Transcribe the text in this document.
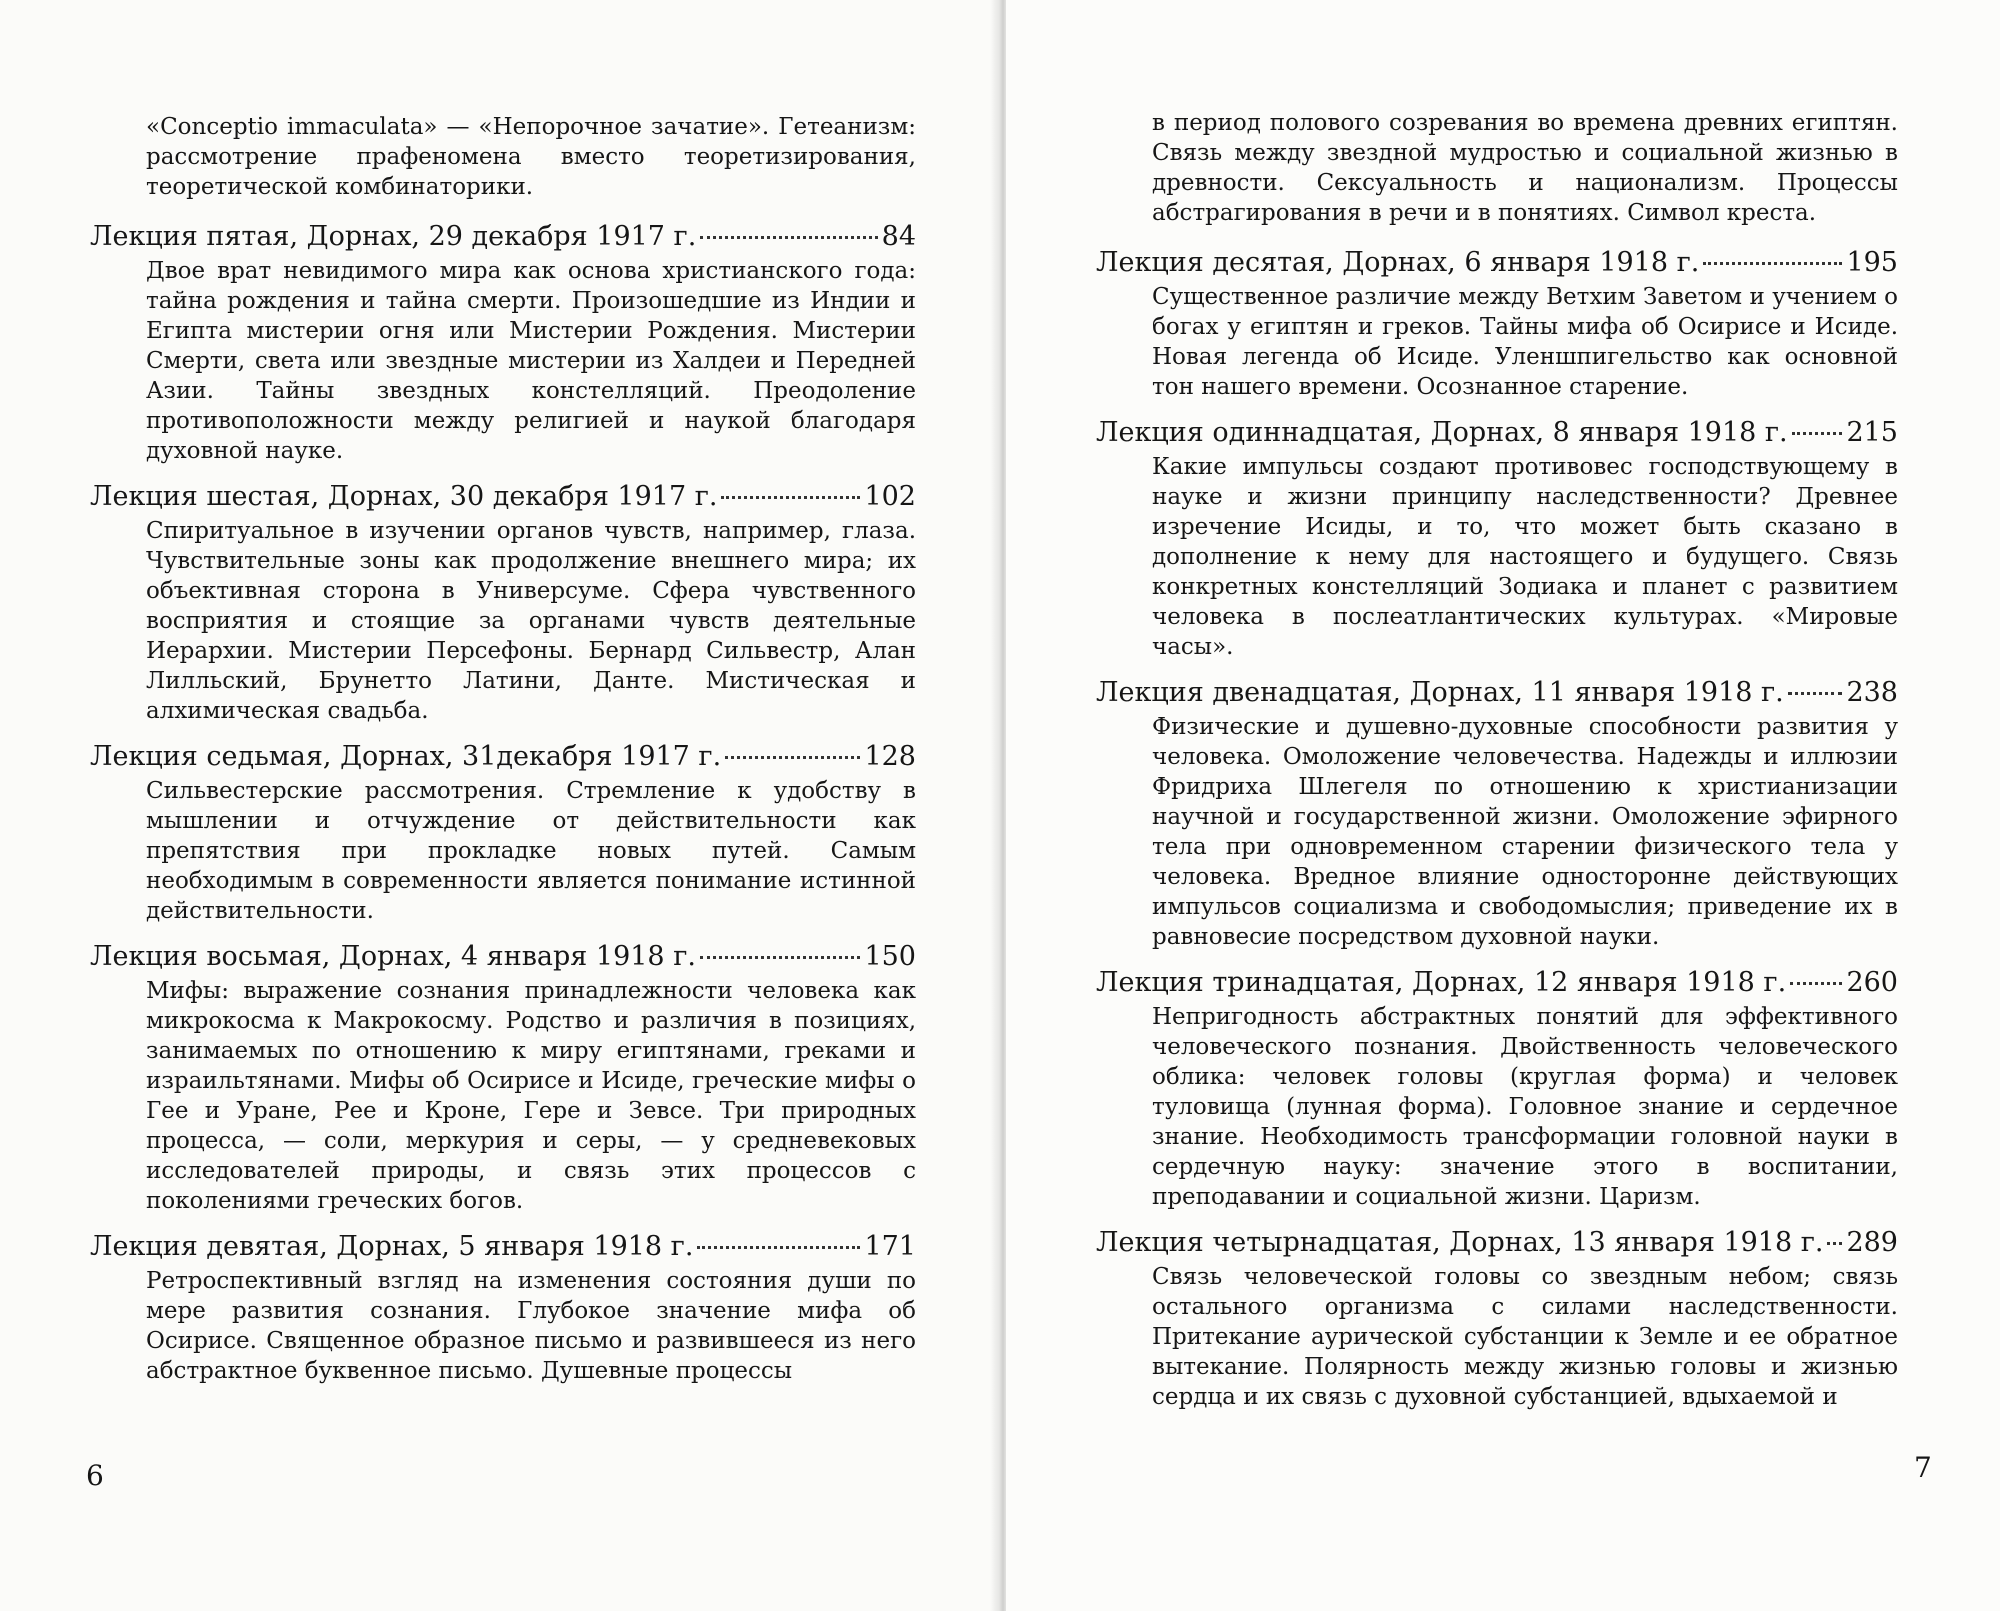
«Conceptio immaculata» — «Непорочное зачатие». Гетеанизм: рассмотрение прафеномена вместо теоретизирования, теоретической комбинаторики.

Лекция пятая, Дорнах, 29 декабря 1917 г.	84

Двое врат невидимого мира как основа христианского года: тайна рождения и тайна смерти. Произошедшие из Индии и Египта мистерии огня или Мистерии Рождения. Мистерии Смерти, света или звездные мистерии из Халдеи и Передней Азии. Тайны звездных констелляций. Преодоление противоположности между религией и наукой благодаря духовной науке.

Лекция шестая, Дорнах, 30 декабря 1917 г.	102

Спиритуальное в изучении органов чувств, например, глаза. Чувствительные зоны как продолжение внешнего мира; их объективная сторона в Универсуме. Сфера чувственного восприятия и стоящие за органами чувств деятельные Иерархии. Мистерии Персефоны. Бернард Сильвестр, Алан Лилльский, Брунетто Латини, Данте. Мистическая и алхимическая свадьба.

Лекция седьмая, Дорнах, 31декабря 1917 г.	128

Сильвестерские рассмотрения. Стремление к удобству в мышлении и отчуждение от действительности как препятствия при прокладке новых путей. Самым необходимым в современности является понимание истинной действительности.

Лекция восьмая, Дорнах, 4 января 1918 г.	150

Мифы: выражение сознания принадлежности человека как микрокосма к Макрокосму. Родство и различия в позициях, занимаемых по отношению к миру египтянами, греками и израильтянами. Мифы об Осирисе и Исиде, греческие мифы о Гее и Уране, Рее и Кроне, Гере и Зевсе. Три природных процесса, — соли, меркурия и серы, — у средневековых исследователей природы, и связь этих процессов с поколениями греческих богов.

Лекция девятая, Дорнах, 5 января 1918 г.	171

Ретроспективный взгляд на изменения состояния души по мере развития сознания. Глубокое значение мифа об Осирисе. Священное образное письмо и развившееся из него абстрактное буквенное письмо. Душевные процессы

6

в период полового созревания во времена древних египтян. Связь между звездной мудростью и социальной жизнью в древности. Сексуальность и национализм. Процессы абстрагирования в речи и в понятиях. Символ креста.

Лекция десятая, Дорнах, 6 января 1918 г.	195

Существенное различие между Ветхим Заветом и учением о богах у египтян и греков. Тайны мифа об Осирисе и Исиде. Новая легенда об Исиде. Уленшпигельство как основной тон нашего времени. Осознанное старение.

Лекция одиннадцатая, Дорнах, 8 января 1918 г. 215

Какие импульсы создают противовес господствующему в науке и жизни принципу наследственности? Древнее изречение Исиды, и то, что может быть сказано в дополнение к нему для настоящего и будущего. Связь конкретных констелляций Зодиака и планет с развитием человека в послеатлантических культурах. «Мировые часы».

Лекция двенадцатая, Дорнах, 11 января 1918 г. 238

Физические и душевно-духовные способности развития у человека. Омоложение человечества. Надежды и иллюзии Фридриха Шлегеля по отношению к христианизации научной и государственной жизни. Омоложение эфирного тела при одновременном старении физического тела у человека. Вредное влияние односторонне действующих импульсов социализма и свободомыслия; приведение их в равновесие посредством духовной науки.

Лекция тринадцатая, Дорнах, 12 января 1918 г. 260

Непригодность абстрактных понятий для эффективного человеческого познания. Двойственность человеческого облика: человек головы (круглая форма) и человек туловища (лунная форма). Головное знание и сердечное знание. Необходимость трансформации головной науки в сердечную науку: значение этого в воспитании, преподавании и социальной жизни. Царизм.

Лекция четырнадцатая, Дорнах, 13 января 1918 г. 289

Связь человеческой головы со звездным небом; связь остального организма с силами наследственности. Притекание аурической субстанции к Земле и ее обратное вытекание. Полярность между жизнью головы и жизнью сердца и их связь с духовной субстанцией, вдыхаемой и

7
